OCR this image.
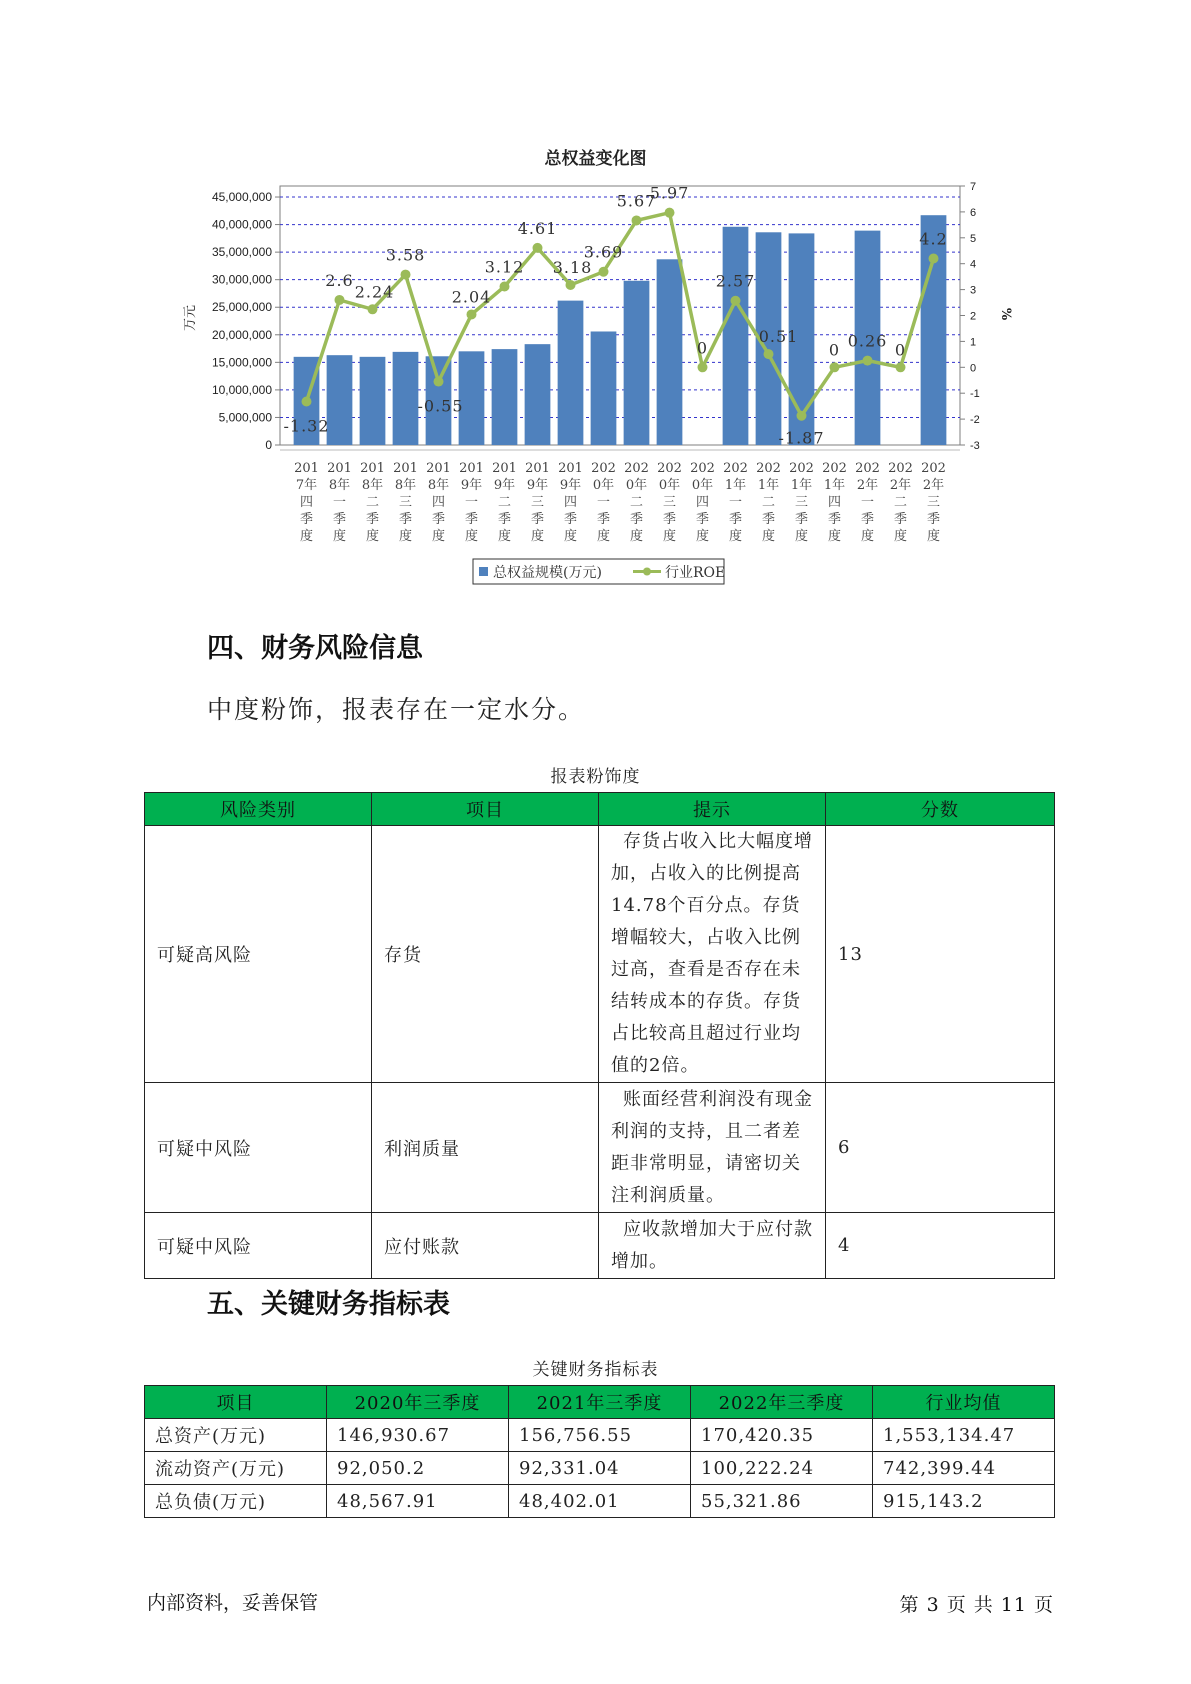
总权益变化图
0
5,000,000
10,000,000
15,000,000
20,000,000
25,000,000
30,000,000
35,000,000
40,000,000
45,000,000
-3
-2
-1
0
1
2
3
4
5
6
7
万元	%
-1.32
2.6
2.24
3.58
-0.55
2.04
3.12
4.61
3.18
3.69
5.67
5.97
0
2.57
0.51
-1.87
0 0.26 0
4.2
201
7年
四
季
度
201
8年
一
季
度
201
8年
二
季
度
201
8年
三
季
度
201
8年
四
季
度
201
9年
一
季
度
201
9年
二
季
度
201
9年
三
季
度
201
9年
四
季
度
202
0年
一
季
度
202
0年
二
季
度
202
0年
三
季
度
202
0年
四
季
度
202
1年
一
季
度
202
1年
二
季
度
202
1年
三
季
度
202
1年
四
季
度
202
2年
一
季
度
202
2年
二
季
度
202
2年
三
季
度
总权益规模(万元)	行业ROE
四、财务风险信息
中度粉饰，报表存在一定水分。
报表粉饰度
风险类别	项目	提示	分数
可疑高风险	存货	存货占收入比大幅度增加，占收入的比例提高14.78个百分点。存货增幅较大，占收入比例过高，查看是否存在未结转成本的存货。存货占比较高且超过行业均值的2倍。	13
可疑中风险	利润质量	账面经营利润没有现金利润的支持，且二者差距非常明显，请密切关注利润质量。	6
可疑中风险	应付账款	应收款增加大于应付款增加。	4
五、关键财务指标表
关键财务指标表
项目	2020年三季度	2021年三季度	2022年三季度	行业均值
总资产(万元)	146,930.67	156,756.55	170,420.35	1,553,134.47
流动资产(万元)	92,050.2	92,331.04	100,222.24	742,399.44
总负债(万元)	48,567.91	48,402.01	55,321.86	915,143.2
内部资料，妥善保管	第 3 页 共 11 页
